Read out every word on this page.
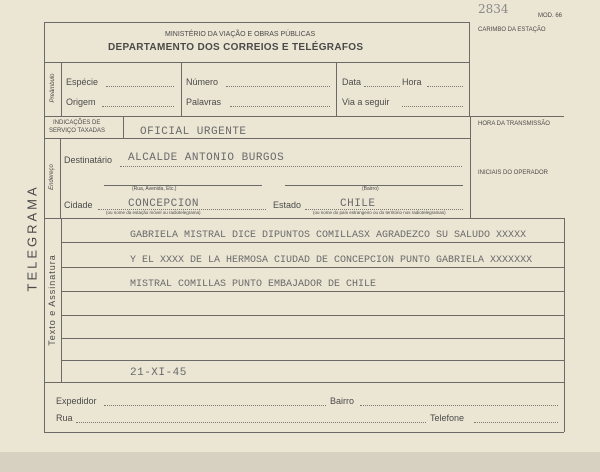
2834	MOD. 66
TELEGRAMA
MINISTÉRIO DA VIAÇÃO E OBRAS PÚBLICAS
DEPARTAMENTO DOS CORREIOS E TELÉGRAFOS
CARIMBO DA ESTAÇÃO
Preâmbulo Espécie	Número	Data	Hora
Origem	Palavras	Via a seguir
INDICAÇÕES DE
SERVIÇO TAXADAS	OFICIAL URGENTE
HORA DA TRANSMISSÃO
INICIAIS DO OPERADOR
Endereço
Destinatário ALCALDE ANTONIO BURGOS
(Rua, Avenida, Etc.)	(Bairro)
Cidade	CONCEPCION
(ou nome da estação móvel ou radiotelegrama)
Estado	CHILE
(ou nome do país estrangeiro ou do território nos radiotelegramas)
Texto e Assinatura
GABRIELA MISTRAL DICE DIPUNTOS COMILLASX AGRADEZCO SU SALUDO XXXXX
Y EL XXXX DE LA HERMOSA CIUDAD DE CONCEPCION PUNTO GABRIELA XXXXXXX
MISTRAL COMILLAS PUNTO EMBAJADOR DE CHILE
21-XI-45
Expedidor	Bairro
Rua	Telefone
